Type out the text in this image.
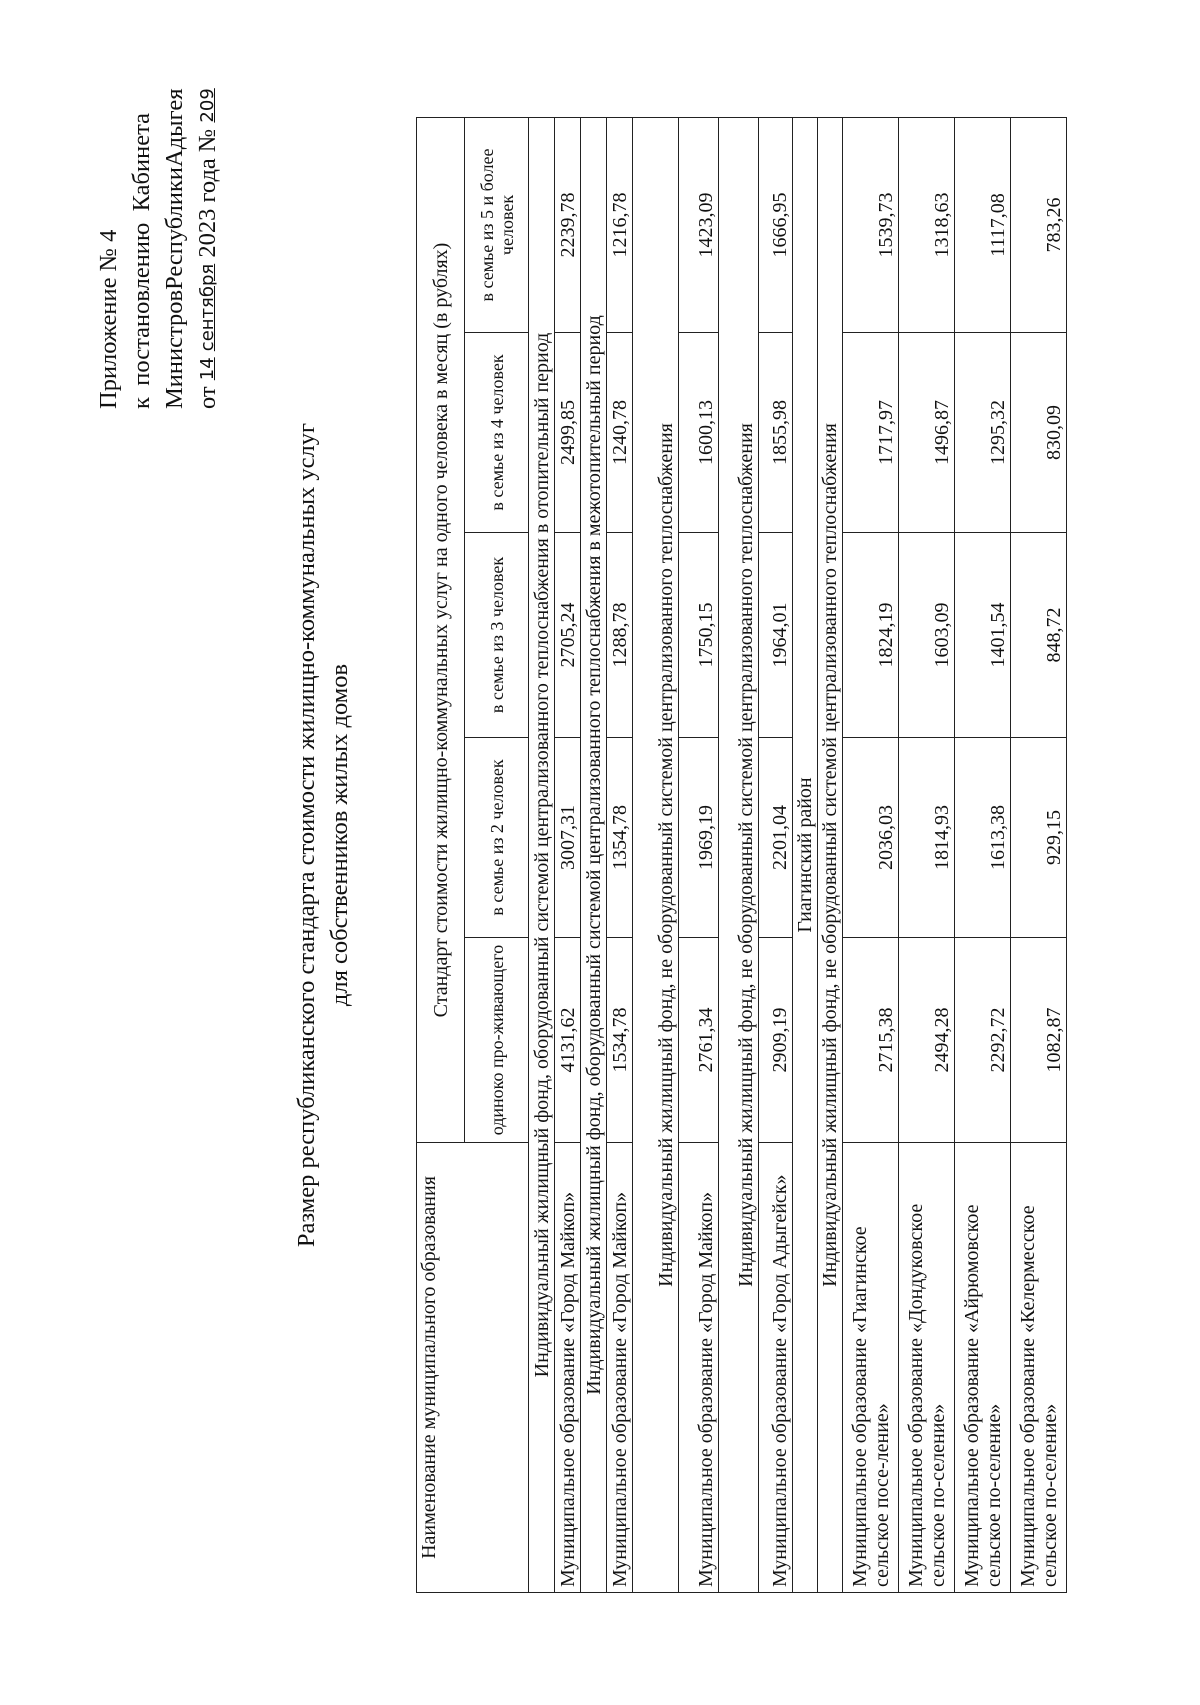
Приложение № 4 к
постановлению
Кабинета
Министров
Республики
Адыгея
от

14

сентября

2023 года №

209
Размер республиканского стандарта стоимости жилищно-коммунальных услуг для собственников жилых домов
Наименование муниципального образования	Стандарт стоимости жилищно-коммунальных услуг на одного человека в месяц (в рублях)				
	одиноко про-живающего	в семье из 2 человек	в семье из 3 человек	в семье из 4 человек	в семье из 5 и более человек
Индивидуальный жилищный фонд, оборудованный системой централизованного теплоснабжения в отопительный период					
Муниципальное образование «Город Майкоп»	4131,62	3007,31	2705,24	2499,85	2239,78
Индивидуальный жилищный фонд, оборудованный системой централизованного теплоснабжения в межотопительный период					
Муниципальное образование «Город Майкоп»	1534,78	1354,78	1288,78	1240,78	1216,78
Индивидуальный жилищный фонд, не оборудованный системой централизованного теплоснабжения					
Муниципальное образование «Город Майкоп»	2761,34	1969,19	1750,15	1600,13	1423,09
Индивидуальный жилищный фонд, не оборудованный системой централизованного теплоснабжения					
Муниципальное образование «Город Адыгейск»	2909,19	2201,04	1964,01	1855,98	1666,95
Гиагинский район					
Индивидуальный жилищный фонд, не оборудованный системой централизованного теплоснабжения					
Муниципальное образование «Гиагинское сельское посе-ление»	2715,38	2036,03	1824,19	1717,97	1539,73
Муниципальное образование «Дондуковское сельское по-селение»	2494,28	1814,93	1603,09	1496,87	1318,63
Муниципальное образование «Айрюмовское сельское по-селение»	2292,72	1613,38	1401,54	1295,32	1117,08
Муниципальное образование «Келермесское сельское по-селение»	1082,87	929,15	848,72	830,09	783,26
